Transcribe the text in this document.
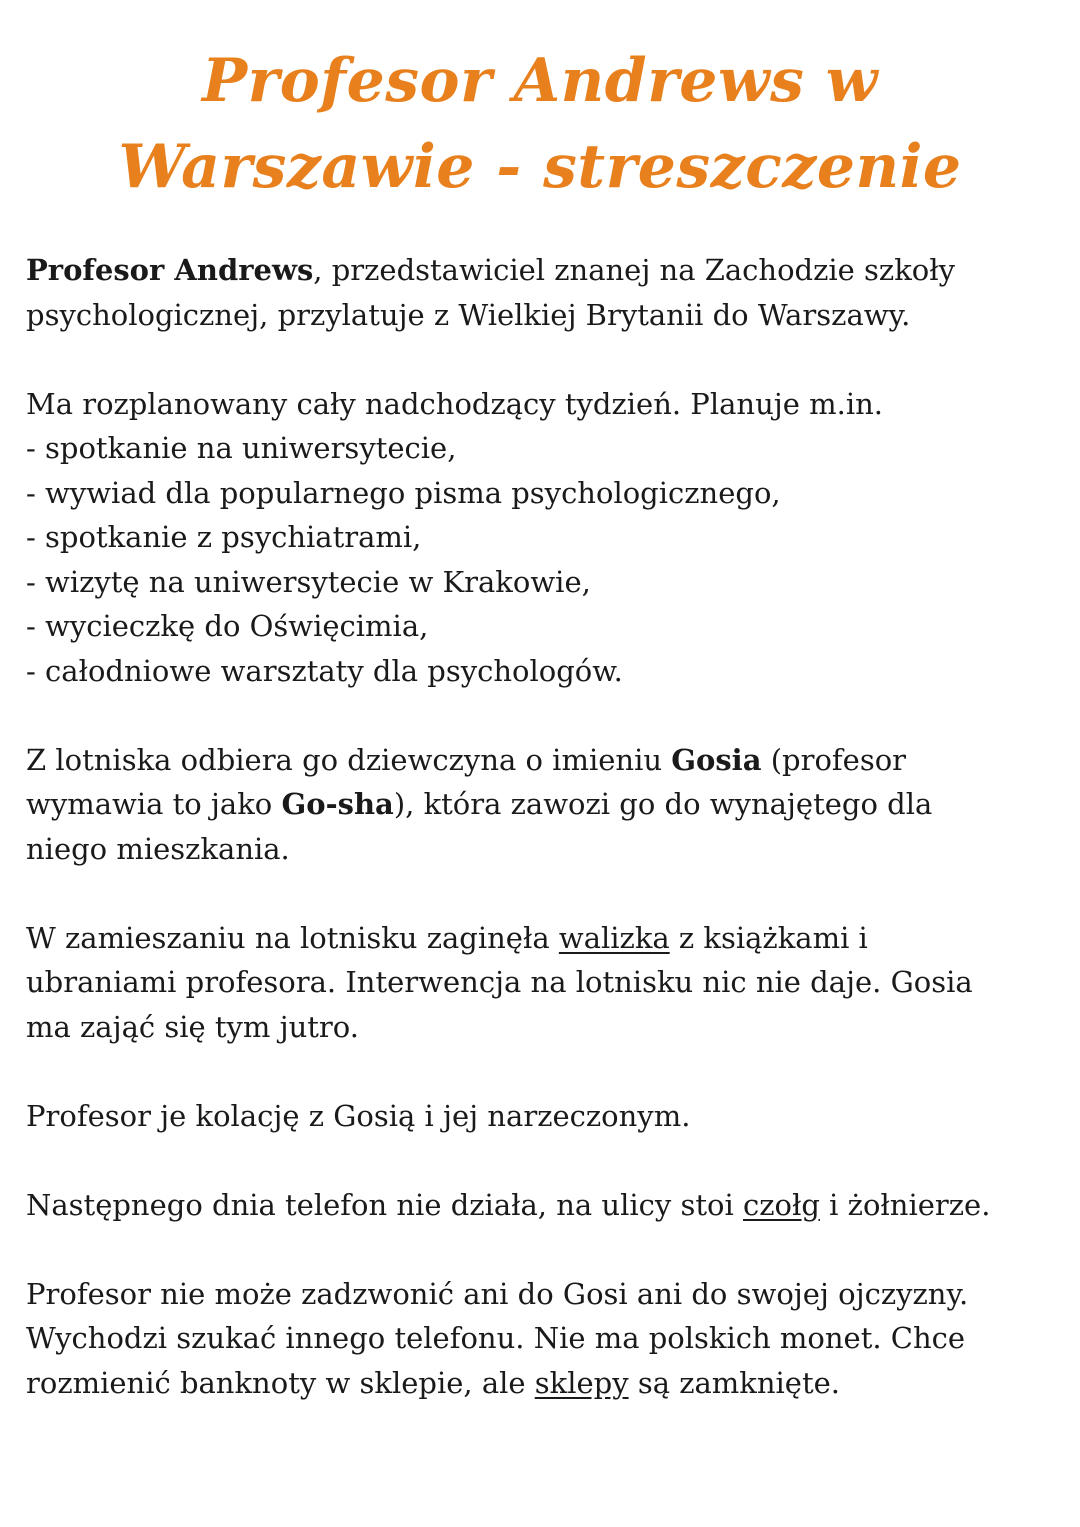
Profesor Andrews w
Warszawie - streszczenie

Profesor Andrews, przedstawiciel znanej na Zachodzie szkoły
psychologicznej, przylatuje z Wielkiej Brytanii do Warszawy.

Ma rozplanowany cały nadchodzący tydzień. Planuje m.in.
- spotkanie na uniwersytecie,
- wywiad dla popularnego pisma psychologicznego,
- spotkanie z psychiatrami,
- wizytę na uniwersytecie w Krakowie,
- wycieczkę do Oświęcimia,
- całodniowe warsztaty dla psychologów.

Z lotniska odbiera go dziewczyna o imieniu Gosia (profesor
wymawia to jako Go-sha), która zawozi go do wynajętego dla
niego mieszkania.

W zamieszaniu na lotnisku zaginęła walizka z książkami i
ubraniami profesora. Interwencja na lotnisku nic nie daje. Gosia
ma zająć się tym jutro.

Profesor je kolację z Gosią i jej narzeczonym.

Następnego dnia telefon nie działa, na ulicy stoi czołg i żołnierze.

Profesor nie może zadzwonić ani do Gosi ani do swojej ojczyzny.
Wychodzi szukać innego telefonu. Nie ma polskich monet. Chce
rozmienić banknoty w sklepie, ale sklepy są zamknięte.
